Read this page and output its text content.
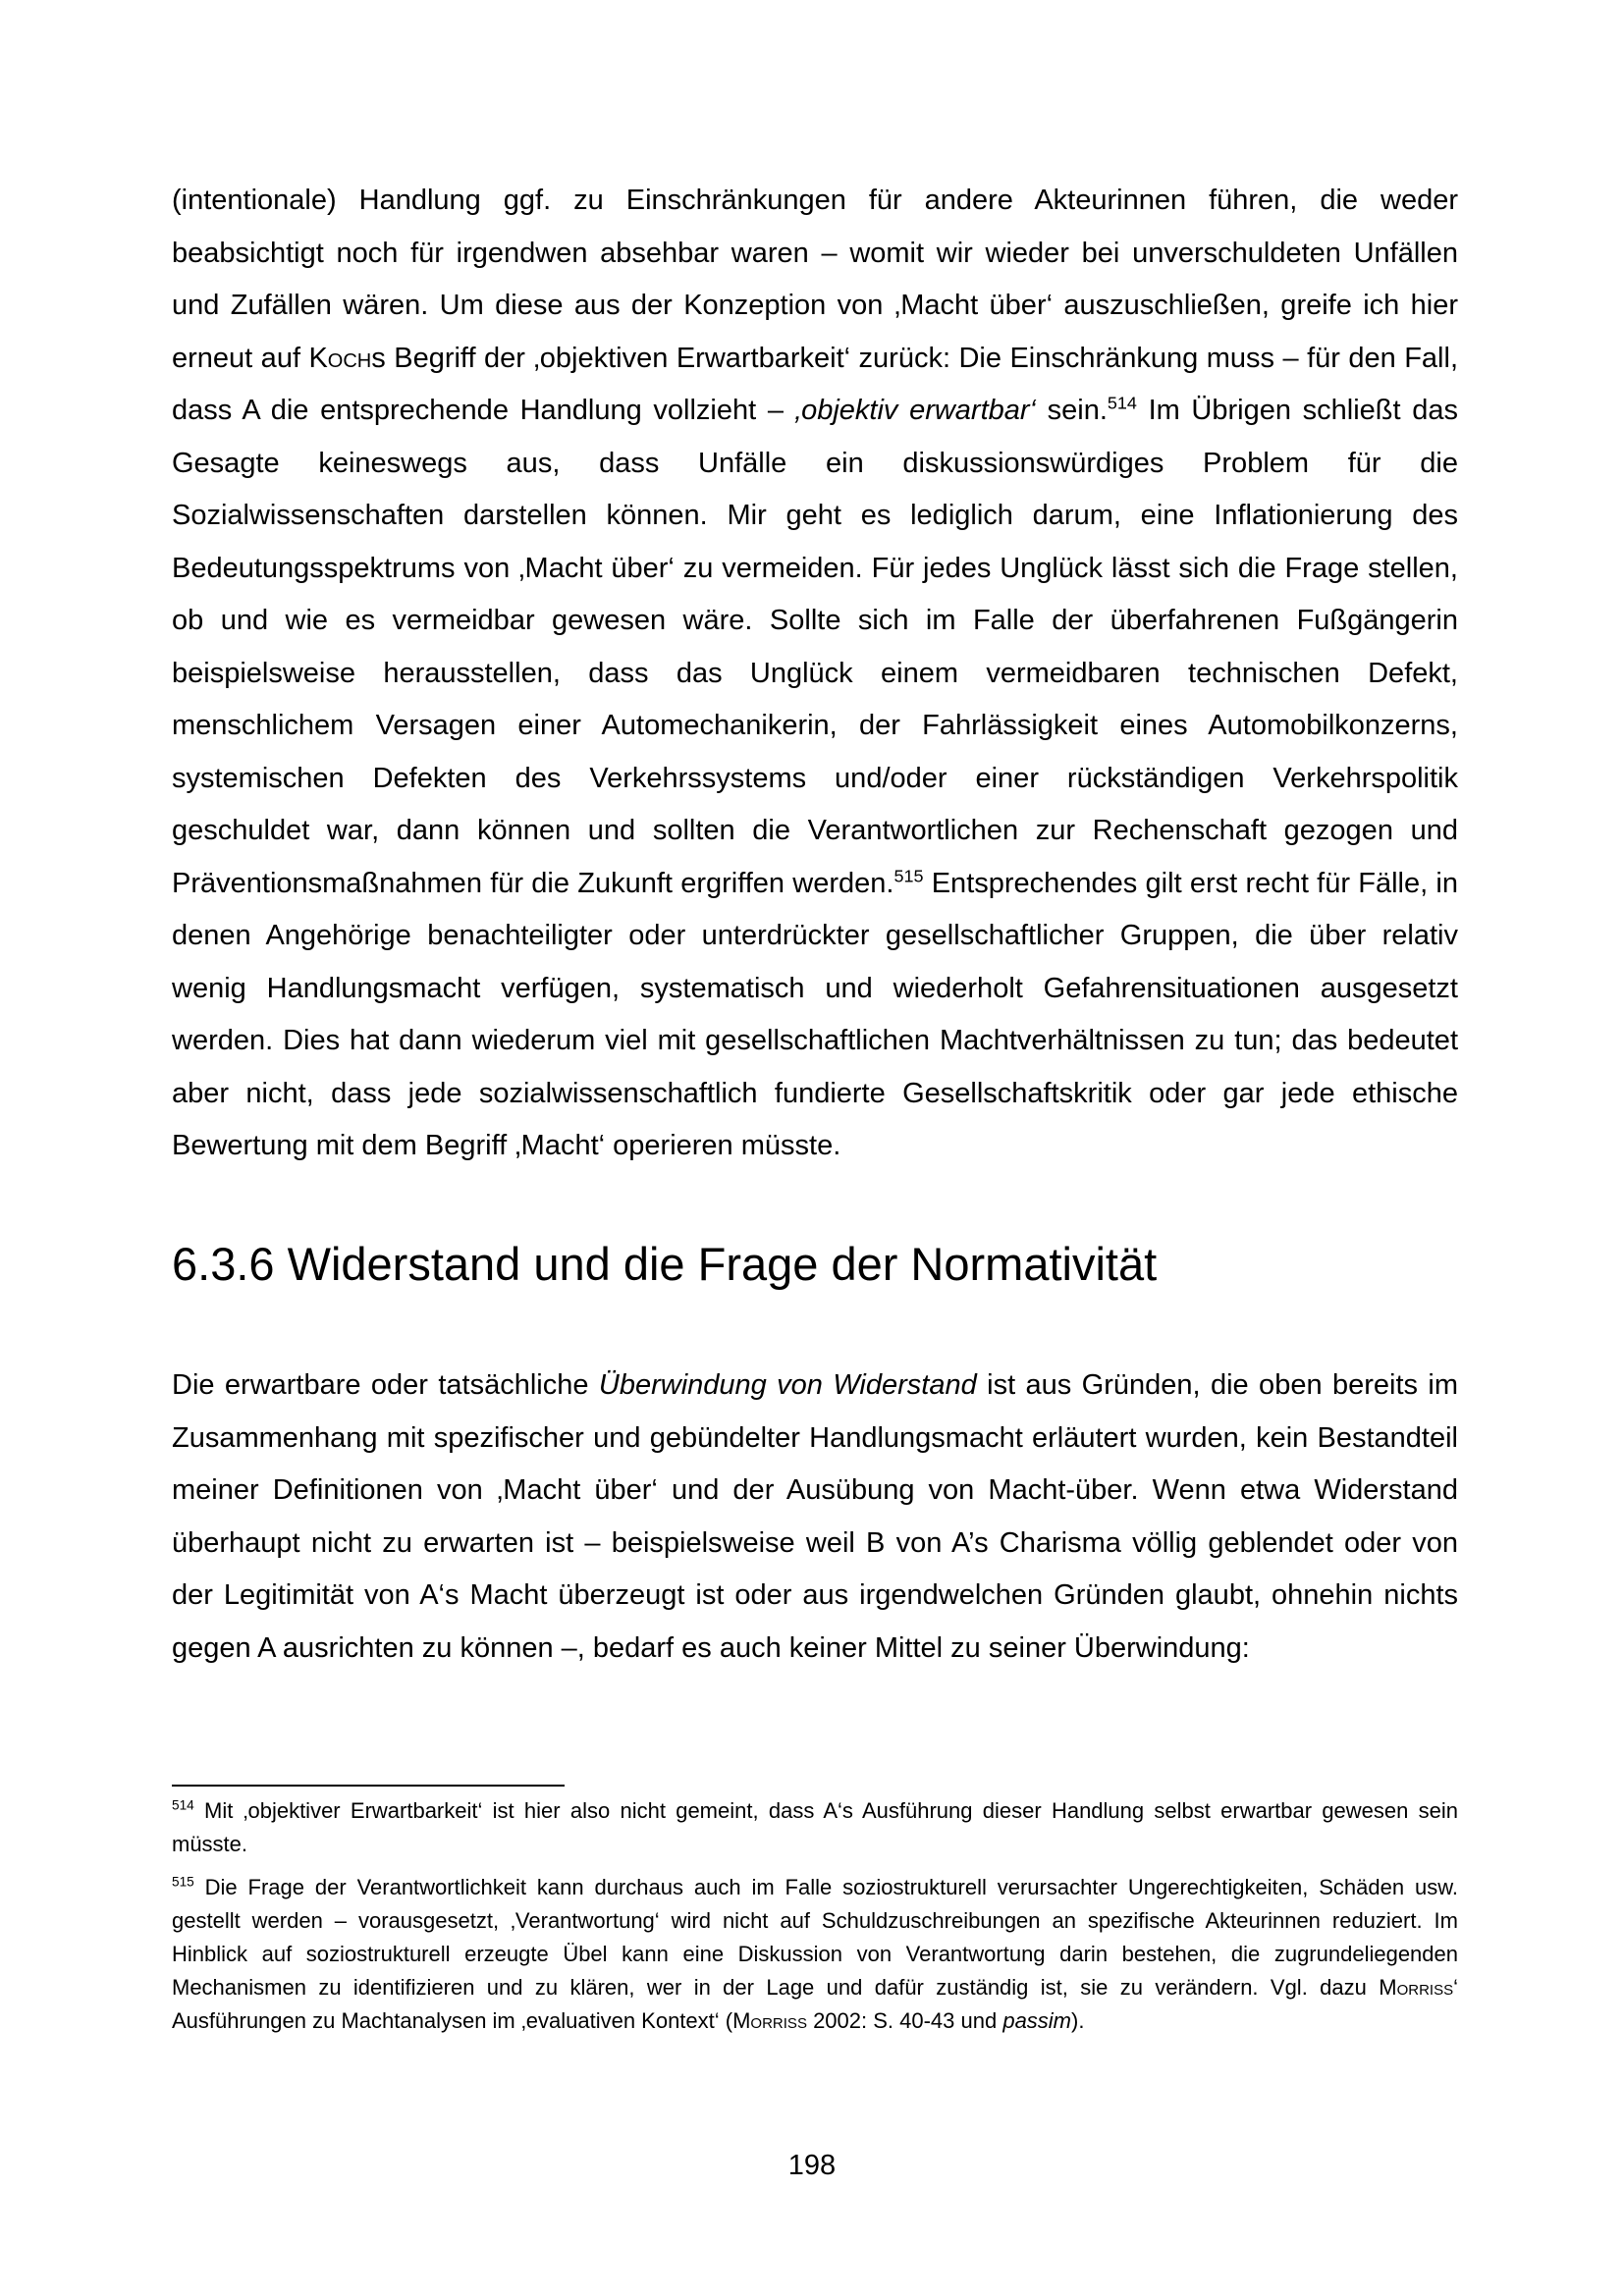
(intentionale) Handlung ggf. zu Einschränkungen für andere Akteurinnen führen, die weder beabsichtigt noch für irgendwen absehbar waren – womit wir wieder bei unverschuldeten Unfällen und Zufällen wären. Um diese aus der Konzeption von ‚Macht über‘ auszuschließen, greife ich hier erneut auf Kochs Begriff der ‚objektiven Erwartbarkeit‘ zurück: Die Einschränkung muss – für den Fall, dass A die entsprechende Handlung vollzieht – ‚objektiv erwartbar‘ sein.$^{514}$ Im Übrigen schließt das Gesagte keineswegs aus, dass Unfälle ein diskussionswürdiges Problem für die Sozialwissenschaften darstellen können. Mir geht es lediglich darum, eine Inflationierung des Bedeutungsspektrums von ‚Macht über‘ zu vermeiden. Für jedes Unglück lässt sich die Frage stellen, ob und wie es vermeidbar gewesen wäre. Sollte sich im Falle der überfahrenen Fußgängerin beispielsweise herausstellen, dass das Unglück einem vermeidbaren technischen Defekt, menschlichem Versagen einer Automechanikerin, der Fahrlässigkeit eines Automobilkonzerns, systemischen Defekten des Verkehrssystems und/oder einer rückständigen Verkehrspolitik geschuldet war, dann können und sollten die Verantwortlichen zur Rechenschaft gezogen und Präventionsmaßnahmen für die Zukunft ergriffen werden.$^{515}$ Entsprechendes gilt erst recht für Fälle, in denen Angehörige benachteiligter oder unterdrückter gesellschaftlicher Gruppen, die über relativ wenig Handlungsmacht verfügen, systematisch und wiederholt Gefahrensituationen ausgesetzt werden. Dies hat dann wiederum viel mit gesellschaftlichen Machtverhältnissen zu tun; das bedeutet aber nicht, dass jede sozialwissenschaftlich fundierte Gesellschaftskritik oder gar jede ethische Bewertung mit dem Begriff ‚Macht‘ operieren müsste.

6.3.6 Widerstand und die Frage der Normativität

Die erwartbare oder tatsächliche Überwindung von Widerstand ist aus Gründen, die oben bereits im Zusammenhang mit spezifischer und gebündelter Handlungsmacht erläutert wurden, kein Bestandteil meiner Definitionen von ‚Macht über‘ und der Ausübung von Macht-über. Wenn etwa Widerstand überhaupt nicht zu erwarten ist – beispielsweise weil B von A’s Charisma völlig geblendet oder von der Legitimität von A‘s Macht überzeugt ist oder aus irgendwelchen Gründen glaubt, ohnehin nichts gegen A ausrichten zu können –, bedarf es auch keiner Mittel zu seiner Überwindung:

$^{514}$ Mit ‚objektiver Erwartbarkeit‘ ist hier also nicht gemeint, dass A‘s Ausführung dieser Handlung selbst erwartbar gewesen sein müsste.

$^{515}$ Die Frage der Verantwortlichkeit kann durchaus auch im Falle soziostrukturell verursachter Ungerechtigkeiten, Schäden usw. gestellt werden – vorausgesetzt, ‚Verantwortung‘ wird nicht auf Schuldzuschreibungen an spezifische Akteurinnen reduziert. Im Hinblick auf soziostrukturell erzeugte Übel kann eine Diskussion von Verantwortung darin bestehen, die zugrundeliegenden Mechanismen zu identifizieren und zu klären, wer in der Lage und dafür zuständig ist, sie zu verändern. Vgl. dazu Morriss‘ Ausführungen zu Machtanalysen im ‚evaluativen Kontext‘ (Morriss 2002: S. 40-43 und passim).

198
